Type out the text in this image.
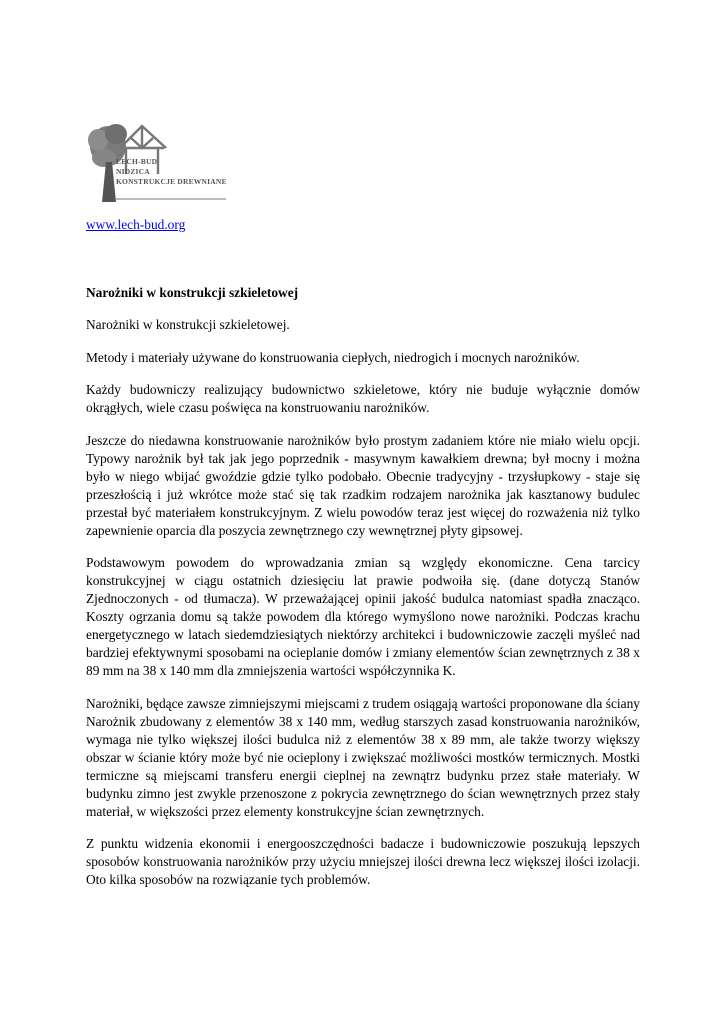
LECH-BUD
NIDZICA
KONSTRUKCJE DREWNIANE
www.lech-bud.org
Narożniki w konstrukcji szkieletowej

Narożniki w konstrukcji szkieletowej.

Metody i materiały używane do konstruowania ciepłych, niedrogich i mocnych narożników.

Każdy budowniczy realizujący budownictwo szkieletowe, który nie buduje wyłącznie domów okrągłych, wiele czasu poświęca na konstruowaniu narożników.

Jeszcze do niedawna konstruowanie narożników było prostym zadaniem które nie miało wielu opcji. Typowy narożnik był tak jak jego poprzednik - masywnym kawałkiem drewna; był mocny i można było w niego wbijać gwoździe gdzie tylko podobało. Obecnie tradycyjny - trzysłupkowy - staje się przeszłością i już wkrótce może stać się tak rzadkim rodzajem narożnika jak kasztanowy budulec przestał być materiałem konstrukcyjnym. Z wielu powodów teraz jest więcej do rozważenia niż tylko zapewnienie oparcia dla poszycia zewnętrznego czy wewnętrznej płyty gipsowej.

Podstawowym powodem do wprowadzania zmian są względy ekonomiczne. Cena tarcicy konstrukcyjnej w ciągu ostatnich dziesięciu lat prawie podwoiła się. (dane dotyczą Stanów Zjednoczonych - od tłumacza). W przeważającej opinii jakość budulca natomiast spadła znacząco. Koszty ogrzania domu są także powodem dla którego wymyślono nowe narożniki. Podczas krachu energetycznego w latach siedemdziesiątych niektórzy architekci i budowniczowie zaczęli myśleć nad bardziej efektywnymi sposobami na ocieplanie domów i zmiany elementów ścian zewnętrznych z 38 x 89 mm na 38 x 140 mm dla zmniejszenia wartości współczynnika K.

Narożniki, będące zawsze zimniejszymi miejscami z trudem osiągają wartości proponowane dla ściany Narożnik zbudowany z elementów 38 x 140 mm, według starszych zasad konstruowania narożników, wymaga nie tylko większej ilości budulca niż z elementów 38 x 89 mm, ale także tworzy większy obszar w ścianie który może być nie ocieplony i zwiększać możliwości mostków termicznych. Mostki termiczne są miejscami transferu energii cieplnej na zewnątrz budynku przez stałe materiały. W budynku zimno jest zwykle przenoszone z pokrycia zewnętrznego do ścian wewnętrznych przez stały materiał, w większości przez elementy konstrukcyjne ścian zewnętrznych.

Z punktu widzenia ekonomii i energooszczędności badacze i budowniczowie poszukują lepszych sposobów konstruowania narożników przy użyciu mniejszej ilości drewna lecz większej ilości izolacji. Oto kilka sposobów na rozwiązanie tych problemów.
